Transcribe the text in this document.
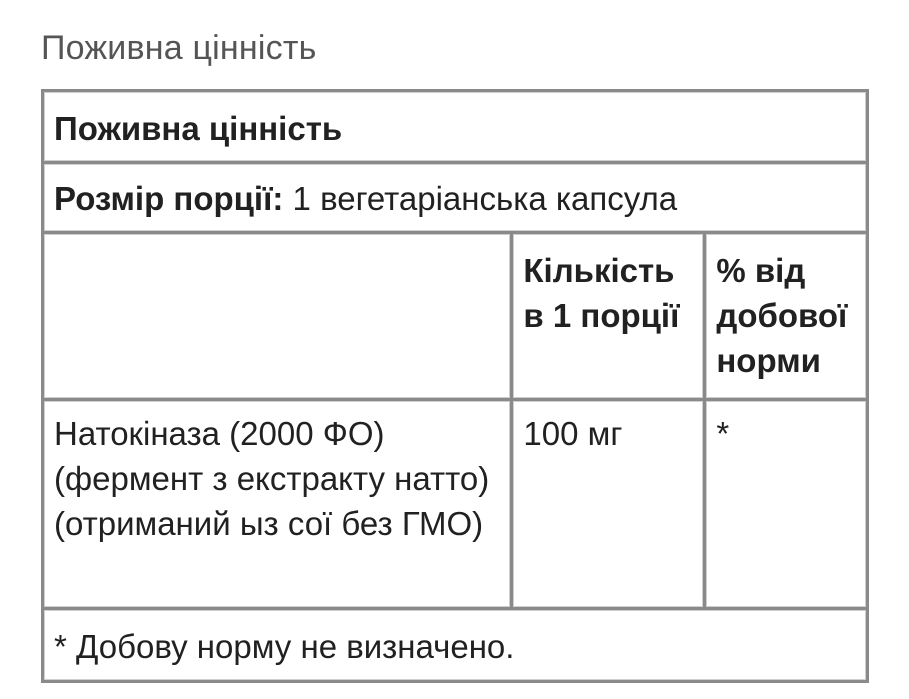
Поживна цінність
Поживна цінність		
Розмір порції: 1 вегетаріанська капсула		
	Кількість в 1 порції	% від добової норми
Натокіназа (2000 ФО) (фермент з екстракту натто) (отриманий ыз сої без ГМО)	100 мг	*
* Добову норму не визначено.		
